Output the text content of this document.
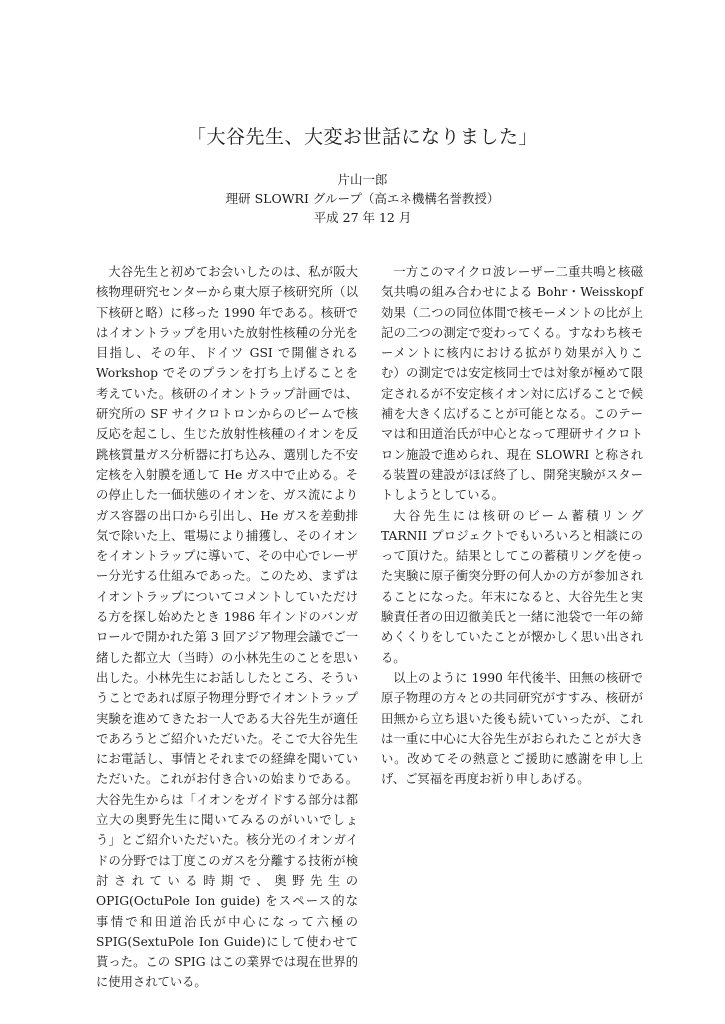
「大谷先生、大変お世話になりました」
片山一郎
理研 SLOWRI グループ（高エネ機構名誉教授）
平成 27 年 12 月

大谷先生と初めてお会いしたのは、私が阪大核物理研究センターから東大原子核研究所（以下核研と略）に移った 1990 年である。核研ではイオントラップを用いた放射性核種の分光を目指し、その年、ドイツ GSI で開催される Workshop でそのプランを打ち上げることを考えていた。核研のイオントラップ計画では、研究所の SF サイクロトロンからのビームで核反応を起こし、生じた放射性核種のイオンを反跳核質量ガス分析器に打ち込み、選別した不安定核を入射膜を通して He ガス中で止める。その停止した一価状態のイオンを、ガス流によりガス容器の出口から引出し、He ガスを差動排気で除いた上、電場により捕獲し、そのイオンをイオントラップに導いて、その中心でレーザー分光する仕組みであった。このため、まずはイオントラップについてコメントしていただける方を探し始めたとき 1986 年インドのバンガロールで開かれた第 3 回アジア物理会議でご一緒した都立大（当時）の小林先生のことを思い出した。小林先生にお話ししたところ、そういうことであれば原子物理分野でイオントラップ実験を進めてきたお一人である大谷先生が適任であろうとご紹介いただいた。そこで大谷先生にお電話し、事情とそれまでの経緯を聞いていただいた。これがお付き合いの始まりである。大谷先生からは「イオンをガイドする部分は都立大の奥野先生に聞いてみるのがいいでしょう」とご紹介いただいた。核分光のイオンガイドの分野では丁度このガスを分離する技術が検討されている時期で、奥野先生の OPIG(OctuPole Ion guide) をスペース的な事情で和田道治氏が中心になって六極の SPIG(SextuPole Ion Guide)にして使わせて貰った。この SPIG はこの業界では現在世界的に使用されている。

一方このマイクロ波レーザー二重共鳴と核磁気共鳴の組み合わせによる Bohr・Weisskopf 効果（二つの同位体間で核モーメントの比が上記の二つの測定で変わってくる。すなわち核モーメントに核内における拡がり効果が入りこむ）の測定では安定核同士では対象が極めて限定されるが不安定核イオン対に広げることで候補を大きく広げることが可能となる。このテーマは和田道治氏が中心となって理研サイクロトロン施設で進められ、現在 SLOWRI と称される装置の建設がほぼ終了し、開発実験がスタートしようとしている。

大谷先生には核研のビーム蓄積リング TARNII プロジェクトでもいろいろと相談にのって頂けた。結果としてこの蓄積リングを使った実験に原子衝突分野の何人かの方が参加されることになった。年末になると、大谷先生と実験責任者の田辺徹美氏と一緒に池袋で一年の締めくくりをしていたことが懐かしく思い出される。

以上のように 1990 年代後半、田無の核研で原子物理の方々との共同研究がすすみ、核研が田無から立ち退いた後も続いていったが、これは一重に中心に大谷先生がおられたことが大きい。改めてその熱意とご援助に感謝を申し上げ、ご冥福を再度お祈り申しあげる。
